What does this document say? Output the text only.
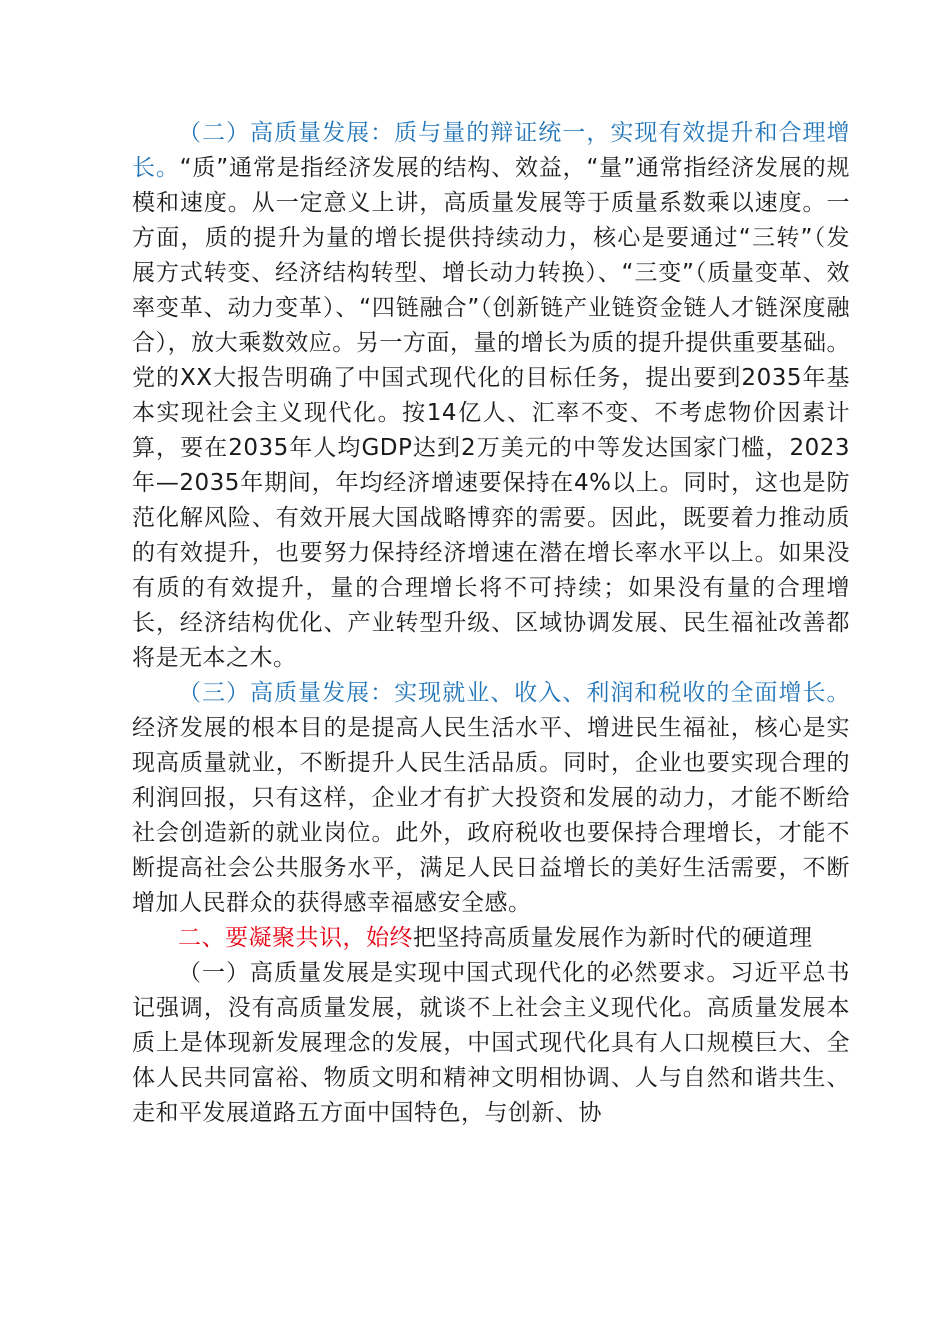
（二）高质量发展：质与量的辩证统一，实现有效提升和合理增长。“质”通常是指经济发展的结构、效益，“量”通常指经济发展的规模和速度。从一定意义上讲，高质量发展等于质量系数乘以速度。一方面，质的提升为量的增长提供持续动力，核心是要通过“三转”（发展方式转变、经济结构转型、增长动力转换）、“三变”（质量变革、效率变革、动力变革）、“四链融合”（创新链产业链资金链人才链深度融合），放大乘数效应。另一方面，量的增长为质的提升提供重要基础。党的XX大报告明确了中国式现代化的目标任务，提出要到2035年基本实现社会主义现代化。按14亿人、汇率不变、不考虑物价因素计算，要在2035年人均GDP达到2万美元的中等发达国家门槛，2023年—2035年期间，年均经济增速要保持在4%以上。同时，这也是防范化解风险、有效开展大国战略博弈的需要。因此，既要着力推动质的有效提升，也要努力保持经济增速在潜在增长率水平以上。如果没有质的有效提升，量的合理增长将不可持续；如果没有量的合理增长，经济结构优化、产业转型升级、区域协调发展、民生福祉改善都将是无本之木。

（三）高质量发展：实现就业、收入、利润和税收的全面增长。经济发展的根本目的是提高人民生活水平、增进民生福祉，核心是实现高质量就业，不断提升人民生活品质。同时，企业也要实现合理的利润回报，只有这样，企业才有扩大投资和发展的动力，才能不断给社会创造新的就业岗位。此外，政府税收也要保持合理增长，才能不断提高社会公共服务水平，满足人民日益增长的美好生活需要，不断增加人民群众的获得感幸福感安全感。

二、要凝聚共识，始终把坚持高质量发展作为新时代的硬道理

（一）高质量发展是实现中国式现代化的必然要求。习近平总书记强调，没有高质量发展，就谈不上社会主义现代化。高质量发展本质上是体现新发展理念的发展，中国式现代化具有人口规模巨大、全体人民共同富裕、物质文明和精神文明相协调、人与自然和谐共生、走和平发展道路五方面中国特色，与创新、协
